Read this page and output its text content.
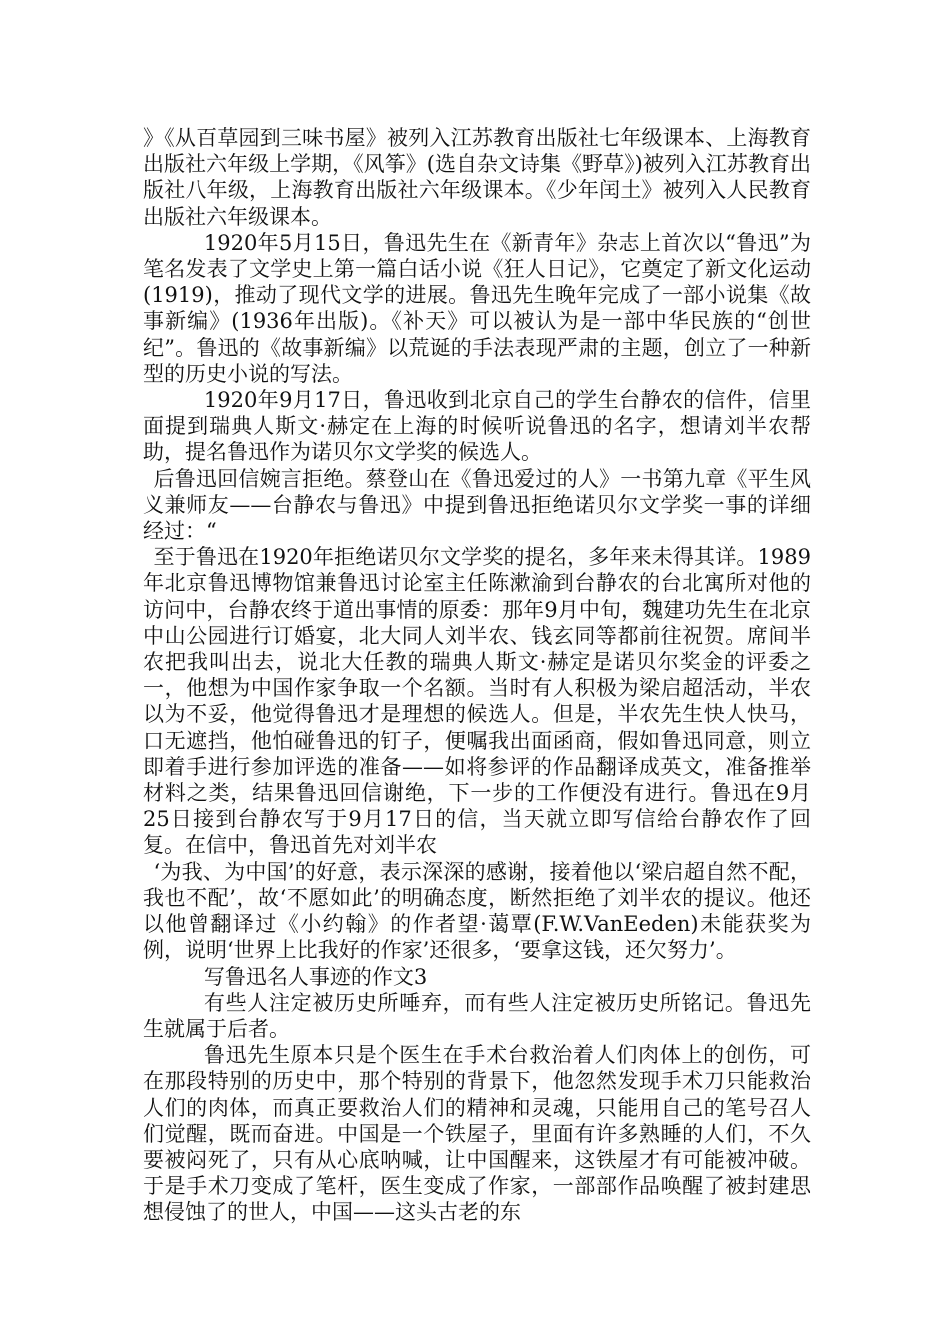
》《从百草园到三味书屋》被列入江苏教育出版社七年级课本、上海教育出版社六年级上学期，《风筝》(选自杂文诗集《野草》)被列入江苏教育出版社八年级，上海教育出版社六年级课本。《少年闰土》被列入人民教育出版社六年级课本。

1920年5月15日，鲁迅先生在《新青年》杂志上首次以“鲁迅”为笔名发表了文学史上第一篇白话小说《狂人日记》，它奠定了新文化运动(1919)，推动了现代文学的进展。鲁迅先生晚年完成了一部小说集《故事新编》(1936年出版)。《补天》可以被认为是一部中华民族的“创世纪”。鲁迅的《故事新编》以荒诞的手法表现严肃的主题，创立了一种新型的历史小说的写法。

1920年9月17日，鲁迅收到北京自己的学生台静农的信件，信里面提到瑞典人斯文·赫定在上海的时候听说鲁迅的名字，想请刘半农帮助，提名鲁迅作为诺贝尔文学奖的候选人。

后鲁迅回信婉言拒绝。蔡登山在《鲁迅爱过的人》一书第九章《平生风义兼师友——台静农与鲁迅》中提到鲁迅拒绝诺贝尔文学奖一事的详细经过：“

至于鲁迅在1920年拒绝诺贝尔文学奖的提名，多年来未得其详。1989年北京鲁迅博物馆兼鲁迅讨论室主任陈漱渝到台静农的台北寓所对他的访问中，台静农终于道出事情的原委：那年9月中旬，魏建功先生在北京中山公园进行订婚宴，北大同人刘半农、钱玄同等都前往祝贺。席间半农把我叫出去，说北大任教的瑞典人斯文·赫定是诺贝尔奖金的评委之一，他想为中国作家争取一个名额。当时有人积极为梁启超活动，半农以为不妥，他觉得鲁迅才是理想的候选人。但是，半农先生快人快马，口无遮挡，他怕碰鲁迅的钉子，便嘱我出面函商，假如鲁迅同意，则立即着手进行参加评选的准备——如将参评的作品翻译成英文，准备推举材料之类，结果鲁迅回信谢绝，下一步的工作便没有进行。鲁迅在9月25日接到台静农写于9月17日的信，当天就立即写信给台静农作了回复。在信中，鲁迅首先对刘半农

‘为我、为中国’的好意，表示深深的感谢，接着他以‘梁启超自然不配，我也不配’，故‘不愿如此’的明确态度，断然拒绝了刘半农的提议。他还以他曾翻译过《小约翰》的作者望·蔼覃(F.W.VanEeden)未能获奖为例，说明‘世界上比我好的作家’还很多，‘要拿这钱，还欠努力’。

写鲁迅名人事迹的作文3

有些人注定被历史所唾弃，而有些人注定被历史所铭记。鲁迅先生就属于后者。

鲁迅先生原本只是个医生在手术台救治着人们肉体上的创伤，可在那段特别的历史中，那个特别的背景下，他忽然发现手术刀只能救治人们的肉体，而真正要救治人们的精神和灵魂，只能用自己的笔号召人们觉醒，既而奋进。中国是一个铁屋子，里面有许多熟睡的人们，不久要被闷死了，只有从心底呐喊，让中国醒来，这铁屋才有可能被冲破。于是手术刀变成了笔杆，医生变成了作家，一部部作品唤醒了被封建思想侵蚀了的世人，中国——这头古老的东
